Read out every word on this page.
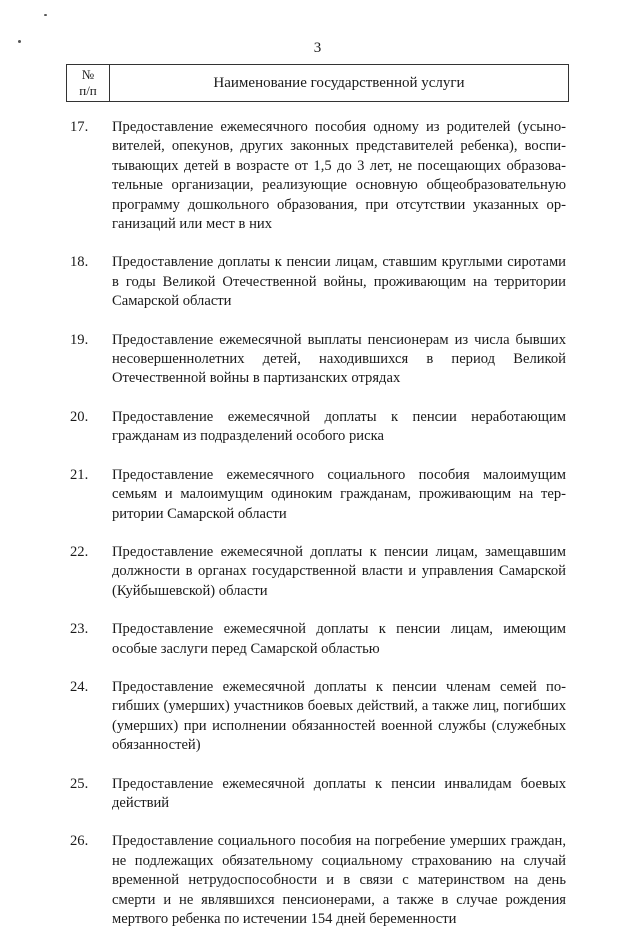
3
№
п/п	Наименование государственной услуги
17.	Предоставление ежемесячного пособия одному из родителей (усыновителей, опекунов, других законных представителей ребенка), воспитывающих детей в возрасте от 1,5 до 3 лет, не посещающих образовательные организации, реализующие основную общеобразовательную программу дошкольного образования, при отсутствии указанных организаций или мест в них
18.	Предоставление доплаты к пенсии лицам, ставшим круглыми сиротами в годы Великой Отечественной войны, проживающим на территории Самарской области
19.	Предоставление ежемесячной выплаты пенсионерам из числа бывших несовершеннолетних детей, находившихся в период Великой Отечественной войны в партизанских отрядах
20.	Предоставление ежемесячной доплаты к пенсии неработающим гражданам из подразделений особого риска
21.	Предоставление ежемесячного социального пособия малоимущим семьям и малоимущим одиноким гражданам, проживающим на территории Самарской области
22.	Предоставление ежемесячной доплаты к пенсии лицам, замещавшим должности в органах государственной власти и управления Самарской (Куйбышевской) области
23.	Предоставление ежемесячной доплаты к пенсии лицам, имеющим особые заслуги перед Самарской областью
24.	Предоставление ежемесячной доплаты к пенсии членам семей погибших (умерших) участников боевых действий, а также лиц, погибших (умерших) при исполнении обязанностей военной службы (служебных обязанностей)
25.	Предоставление ежемесячной доплаты к пенсии инвалидам боевых действий
26.	Предоставление социального пособия на погребение умерших граждан, не подлежащих обязательному социальному страхованию на случай временной нетрудоспособности и в связи с материнством на день смерти и не являвшихся пенсионерами, а также в случае рождения мертвого ребенка по истечении 154 дней беременности
